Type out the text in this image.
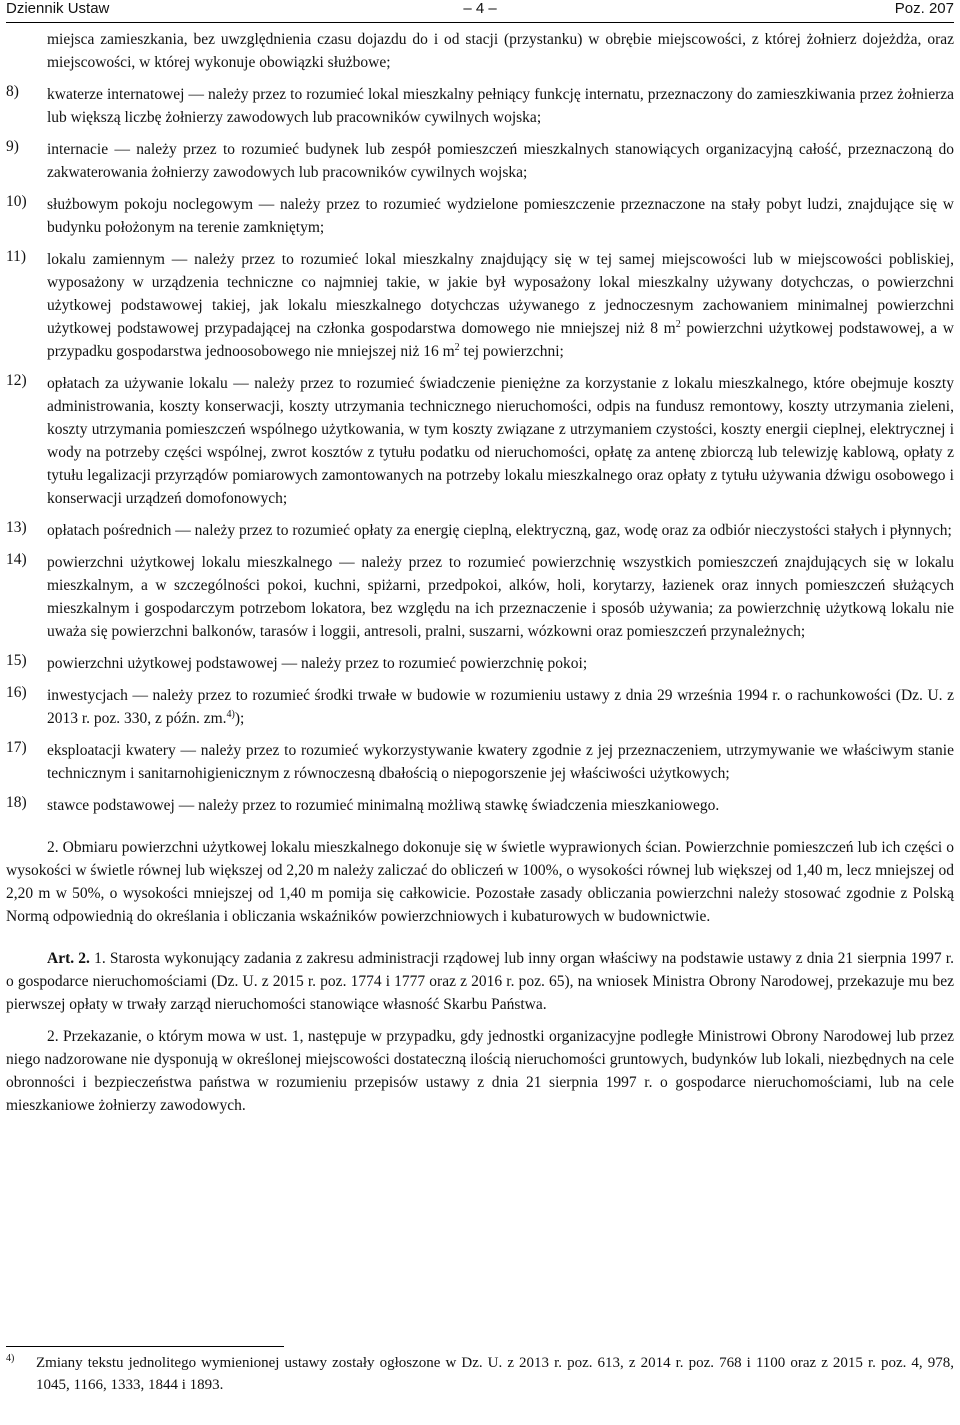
Dziennik Ustaw	– 4 –	Poz. 207

miejsca zamieszkania, bez uwzględnienia czasu dojazdu do i od stacji (przystanku) w obrębie miejscowości, z której żołnierz dojeżdża, oraz miejscowości, w której wykonuje obowiązki służbowe;

8)	kwaterze internatowej — należy przez to rozumieć lokal mieszkalny pełniący funkcję internatu, przeznaczony do zamieszkiwania przez żołnierza lub większą liczbę żołnierzy zawodowych lub pracowników cywilnych wojska;
9)	internacie — należy przez to rozumieć budynek lub zespół pomieszczeń mieszkalnych stanowiących organizacyjną całość, przeznaczoną do zakwaterowania żołnierzy zawodowych lub pracowników cywilnych wojska;
10)	służbowym pokoju noclegowym — należy przez to rozumieć wydzielone pomieszczenie przeznaczone na stały pobyt ludzi, znajdujące się w budynku położonym na terenie zamkniętym;
11)	lokalu zamiennym — należy przez to rozumieć lokal mieszkalny znajdujący się w tej samej miejscowości lub w miejscowości pobliskiej, wyposażony w urządzenia techniczne co najmniej takie, w jakie był wyposażony lokal mieszkalny używany dotychczas, o powierzchni użytkowej podstawowej takiej, jak lokalu mieszkalnego dotychczas używanego z jednoczesnym zachowaniem minimalnej powierzchni użytkowej podstawowej przypadającej na członka gospodarstwa domowego nie mniejszej niż 8 $m^2$ powierzchni użytkowej podstawowej, a w przypadku gospodarstwa jednoosobowego nie mniejszej niż 16 $m^2$ tej powierzchni;
12)	opłatach za używanie lokalu — należy przez to rozumieć świadczenie pieniężne za korzystanie z lokalu mieszkalnego, które obejmuje koszty administrowania, koszty konserwacji, koszty utrzymania technicznego nieruchomości, odpis na fundusz remontowy, koszty utrzymania zieleni, koszty utrzymania pomieszczeń wspólnego użytkowania, w tym koszty związane z utrzymaniem czystości, koszty energii cieplnej, elektrycznej i wody na potrzeby części wspólnej, zwrot kosztów z tytułu podatku od nieruchomości, opłatę za antenę zbiorczą lub telewizję kablową, opłaty z tytułu legalizacji przyrządów pomiarowych zamontowanych na potrzeby lokalu mieszkalnego oraz opłaty z tytułu używania dźwigu osobowego i konserwacji urządzeń domofonowych;
13)	opłatach pośrednich — należy przez to rozumieć opłaty za energię cieplną, elektryczną, gaz, wodę oraz za odbiór nieczystości stałych i płynnych;
14)	powierzchni użytkowej lokalu mieszkalnego — należy przez to rozumieć powierzchnię wszystkich pomieszczeń znajdujących się w lokalu mieszkalnym, a w szczególności pokoi, kuchni, spiżarni, przedpokoi, alków, holi, korytarzy, łazienek oraz innych pomieszczeń służących mieszkalnym i gospodarczym potrzebom lokatora, bez względu na ich przeznaczenie i sposób używania; za powierzchnię użytkową lokalu nie uważa się powierzchni balkonów, tarasów i loggii, antresoli, pralni, suszarni, wózkowni oraz pomieszczeń przynależnych;
15)	powierzchni użytkowej podstawowej — należy przez to rozumieć powierzchnię pokoi;
16)	inwestycjach — należy przez to rozumieć środki trwałe w budowie w rozumieniu ustawy z dnia 29 września 1994 r. o rachunkowości (Dz. U. z 2013 r. poz. 330, z późn. zm.$^{4)}$);
17)	eksploatacji kwatery — należy przez to rozumieć wykorzystywanie kwatery zgodnie z jej przeznaczeniem, utrzymywanie we właściwym stanie technicznym i sanitarnohigienicznym z równoczesną dbałością o niepogorszenie jej właściwości użytkowych;
18)	stawce podstawowej — należy przez to rozumieć minimalną możliwą stawkę świadczenia mieszkaniowego.

2. Obmiaru powierzchni użytkowej lokalu mieszkalnego dokonuje się w świetle wyprawionych ścian. Powierzchnie pomieszczeń lub ich części o wysokości w świetle równej lub większej od 2,20 m należy zaliczać do obliczeń w 100%, o wysokości równej lub większej od 1,40 m, lecz mniejszej od 2,20 m w 50%, o wysokości mniejszej od 1,40 m pomija się całkowicie. Pozostałe zasady obliczania powierzchni należy stosować zgodnie z Polską Normą odpowiednią do określania i obliczania wskaźników powierzchniowych i kubaturowych w budownictwie.

Art. 2. 1. Starosta wykonujący zadania z zakresu administracji rządowej lub inny organ właściwy na podstawie ustawy z dnia 21 sierpnia 1997 r. o gospodarce nieruchomościami (Dz. U. z 2015 r. poz. 1774 i 1777 oraz z 2016 r. poz. 65), na wniosek Ministra Obrony Narodowej, przekazuje mu bez pierwszej opłaty w trwały zarząd nieruchomości stanowiące własność Skarbu Państwa.

2. Przekazanie, o którym mowa w ust. 1, następuje w przypadku, gdy jednostki organizacyjne podległe Ministrowi Obrony Narodowej lub przez niego nadzorowane nie dysponują w określonej miejscowości dostateczną ilością nieruchomości gruntowych, budynków lub lokali, niezbędnych na cele obronności i bezpieczeństwa państwa w rozumieniu przepisów ustawy z dnia 21 sierpnia 1997 r. o gospodarce nieruchomościami, lub na cele mieszkaniowe żołnierzy zawodowych.

4)	Zmiany tekstu jednolitego wymienionej ustawy zostały ogłoszone w Dz. U. z 2013 r. poz. 613, z 2014 r. poz. 768 i 1100 oraz z 2015 r. poz. 4, 978, 1045, 1166, 1333, 1844 i 1893.
